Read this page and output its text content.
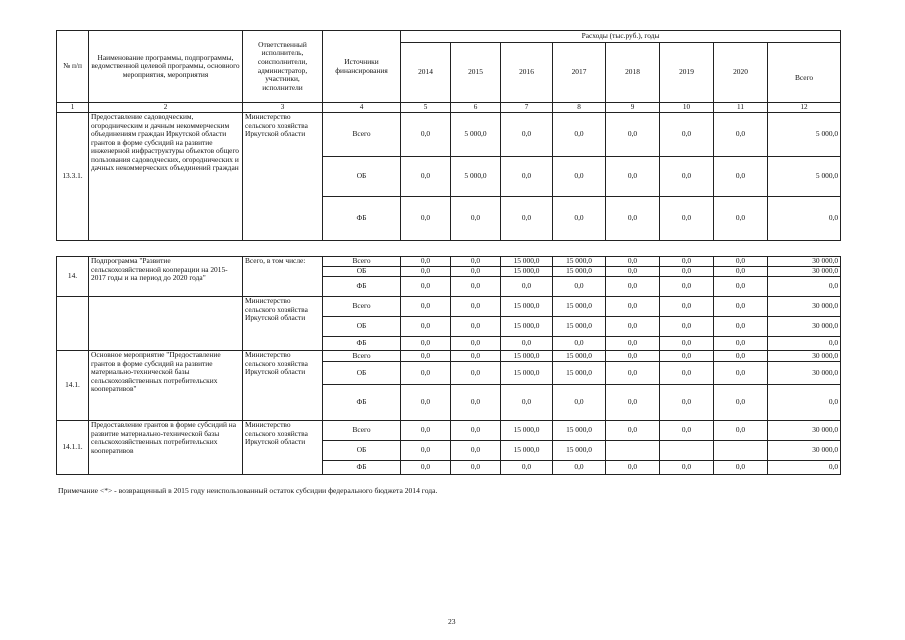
№ п/п	Наименование программы, подпрограммы, ведомственной целевой программы, основного мероприятия, мероприятия	Ответственный исполнитель, соисполнители, администратор, участники, исполнители	Источники финансирования	Расходы (тыс.руб.), годы							
				2014	2015	2016	2017	2018	2019	2020	Всего
1	2	3	4	5	6	7	8	9	10	11	12
13.3.1.	Предоставление садоводческим, огородническим и дачным некоммерческим объединениям граждан Иркутской области грантов в форме субсидий на развитие инженерной инфраструктуры объектов общего пользования садоводческих, огороднических и дачных некоммерческих объединений граждан	Министерство сельского хозяйства Иркутской области	Всего	0,0	5 000,0	0,0	0,0	0,0	0,0	0,0	5 000,0
			ОБ	0,0	5 000,0	0,0	0,0	0,0	0,0	0,0	5 000,0
			ФБ	0,0	0,0	0,0	0,0	0,0	0,0	0,0	0,0

14.	Подпрограмма "Развитие сельскохозяйственной кооперации на 2015-2017 годы и на период до 2020 года"	Всего, в том числе:	Всего	0,0	0,0	15 000,0	15 000,0	0,0	0,0	0,0	30 000,0
			ОБ	0,0	0,0	15 000,0	15 000,0	0,0	0,0	0,0	30 000,0
			ФБ	0,0	0,0	0,0	0,0	0,0	0,0	0,0	0,0
		Министерство сельского хозяйства Иркутской области	Всего	0,0	0,0	15 000,0	15 000,0	0,0	0,0	0,0	30 000,0
			ОБ	0,0	0,0	15 000,0	15 000,0	0,0	0,0	0,0	30 000,0
			ФБ	0,0	0,0	0,0	0,0	0,0	0,0	0,0	0,0
14.1.	Основное мероприятие "Предоставление грантов в форме субсидий на развитие материально-технической базы сельскохозяйственных потребительских кооперативов"	Министерство сельского хозяйства Иркутской области	Всего	0,0	0,0	15 000,0	15 000,0	0,0	0,0	0,0	30 000,0
			ОБ	0,0	0,0	15 000,0	15 000,0	0,0	0,0	0,0	30 000,0
			ФБ	0,0	0,0	0,0	0,0	0,0	0,0	0,0	0,0
14.1.1.	Предоставление грантов в форме субсидий на развитие материально-технической базы сельскохозяйственных потребительских кооперативов	Министерство сельского хозяйства Иркутской области	Всего	0,0	0,0	15 000,0	15 000,0	0,0	0,0	0,0	30 000,0
			ОБ	0,0	0,0	15 000,0	15 000,0				30 000,0
			ФБ	0,0	0,0	0,0	0,0	0,0	0,0	0,0	0,0
Примечание <*> - возвращенный в 2015 году неиспользованный остаток субсидии федерального бюджета 2014 года.
23
